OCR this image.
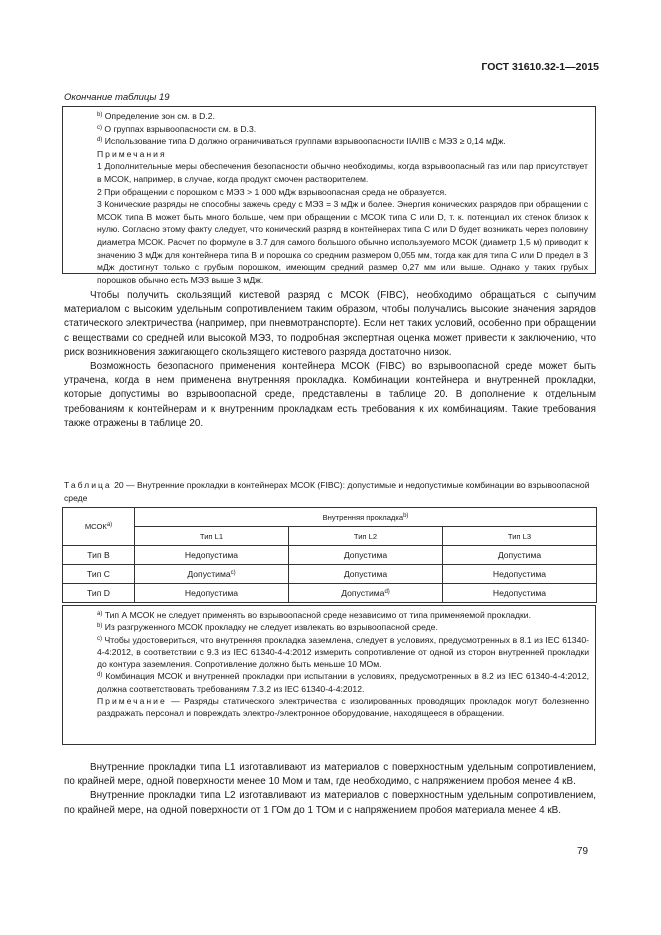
ГОСТ 31610.32-1—2015
Окончание таблицы 19

$^{b)}$ Определение зон см. в D.2.

$^{c)}$ О группах взрывоопасности см. в D.3.

$^{d)}$ Использование типа D должно ограничиваться группами взрывоопасности IIA/IIB с МЭЗ ≥ 0,14 мДж.

Примечания

1 Дополнительные меры обеспечения безопасности обычно необходимы, когда взрывоопасный газ или пар присутствует в МСОК, например, в случае, когда продукт смочен растворителем.

2 При обращении с порошком с МЭЗ > 1 000 мДж взрывоопасная среда не образуется.

3 Конические разряды не способны зажечь среду с МЭЗ = 3 мДж и более. Энергия конических разрядов при обращении с МСОК типа В может быть много больше, чем при обращении с МСОК типа С или D, т. к. потенциал их стенок близок к нулю. Согласно этому факту следует, что конический разряд в контейнерах типа С или D будет возникать через половину диаметра МСОК. Расчет по формуле в 3.7 для самого большого обычно используемого МСОК (диаметр 1,5 м) приводит к значению 3 мДж для контейнера типа В и порошка со средним размером 0,055 мм, тогда как для типа С или D предел в 3 мДж достигнут только с грубым порошком, имеющим средний размер 0,27 мм или выше. Однако у таких грубых порошков обычно есть МЭЗ выше 3 мДж.

Чтобы получить скользящий кистевой разряд с МСОК (FIBC), необходимо обращаться с сыпучим материалом с высоким удельным сопротивлением таким образом, чтобы получались высокие значения зарядов статического электричества (например, при пневмотранспорте). Если нет таких условий, особенно при обращении с веществами со средней или высокой МЭЗ, то подробная экспертная оценка может привести к заключению, что риск возникновения зажигающего скользящего кистевого разряда достаточно низок.

Возможность безопасного применения контейнера МСОК (FIBC) во взрывоопасной среде может быть утрачена, когда в нем применена внутренняя прокладка. Комбинации контейнера и внутренней прокладки, которые допустимы во взрывоопасной среде, представлены в таблице 20. В дополнение к отдельным требованиям к контейнерам и к внутренним прокладкам есть требования к их комбинациям. Такие требования также отражены в таблице 20.

Таблица 20 — Внутренние прокладки в контейнерах МСОК (FIBC): допустимые и недопустимые комбинации во взрывоопасной среде
МСОК$^{a)}$	Внутренняя прокладка$^{b)}$
	Тип L1	Тип L2	Тип L3
Тип В	Недопустима	Допустима	Допустима
Тип С	Допустима$^{c)}$	Допустима	Недопустима
Тип D	Недопустима	Допустима$^{d)}$	Недопустима

$^{a)}$ Тип А МСОК не следует применять во взрывоопасной среде независимо от типа применяемой прокладки.

$^{b)}$ Из разгруженного МСОК прокладку не следует извлекать во взрывоопасной среде.

$^{c)}$ Чтобы удостовериться, что внутренняя прокладка заземлена, следует в условиях, предусмотренных в 8.1 из IEC 61340-4-4:2012, в соответствии с 9.3 из IEC 61340-4-4:2012 измерить сопротивление от одной из сторон внутренней прокладки до контура заземления. Сопротивление должно быть меньше 10 МОм.

$^{d)}$ Комбинация МСОК и внутренней прокладки при испытании в условиях, предусмотренных в 8.2 из IEC 61340-4-4:2012, должна соответствовать требованиям 7.3.2 из IEC 61340-4-4:2012.

Примечание — Разряды статического электричества с изолированных проводящих прокладок могут болезненно раздражать персонал и повреждать электро-/электронное оборудование, находящееся в обращении.

Внутренние прокладки типа L1 изготавливают из материалов с поверхностным удельным сопротивлением, по крайней мере, одной поверхности менее 10 Мом и там, где необходимо, с напряжением пробоя менее 4 кВ.

Внутренние прокладки типа L2 изготавливают из материалов с поверхностным удельным сопротивлением, по крайней мере, на одной поверхности от 1 ГОм до 1 ТОм и с напряжением пробоя материала менее 4 кВ.

79
